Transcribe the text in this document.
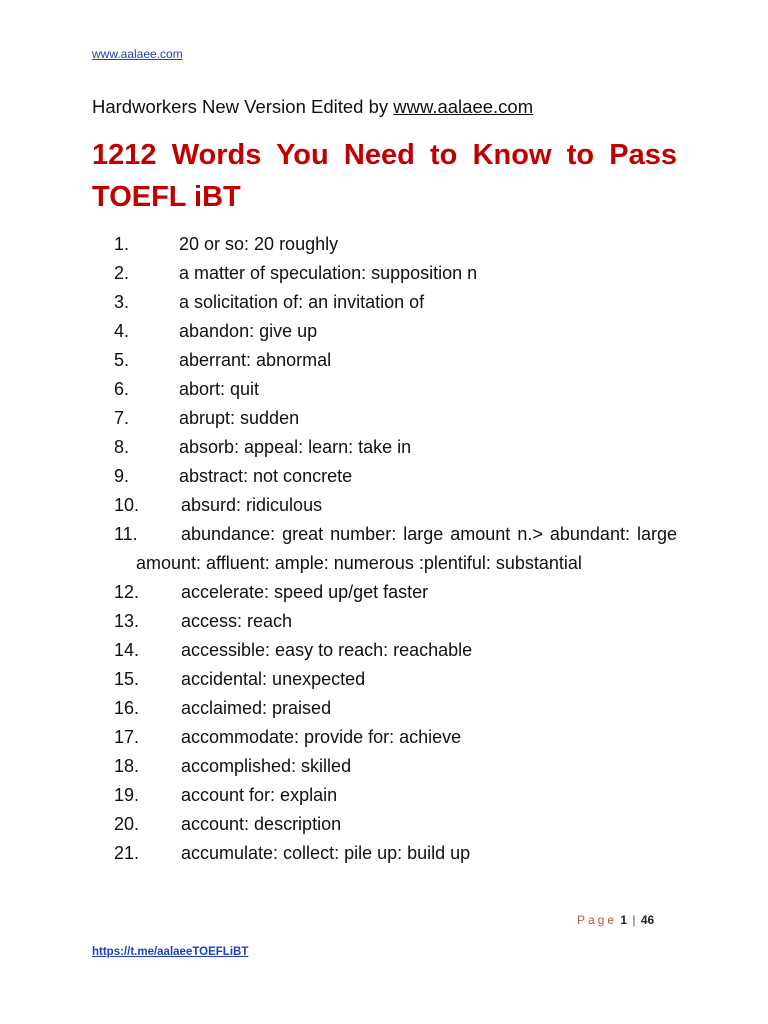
www.aalaee.com
Hardworkers New Version Edited by www.aalaee.com
1212 Words You Need to Know to Pass
TOEFL iBT
1.	20 or so: 20 roughly
2.	a matter of speculation: supposition n
3.	a solicitation of: an invitation of
4.	abandon: give up
5.	aberrant: abnormal
6.	abort: quit
7.	abrupt: sudden
8.	absorb: appeal: learn: take in
9.	abstract: not concrete
10. absurd: ridiculous
11.	abundance: great number: large amount n.> abundant: large amount: affluent: ample: numerous :plentiful: substantial
12. accelerate: speed up/get faster
13. access: reach
14. accessible: easy to reach: reachable
15. accidental: unexpected
16. acclaimed: praised
17. accommodate: provide for: achieve
18. accomplished: skilled
19. account for: explain
20. account: description
21. accumulate: collect: pile up: build up
Page 1 | 46
https://t.me/aalaeeTOEFLiBT
